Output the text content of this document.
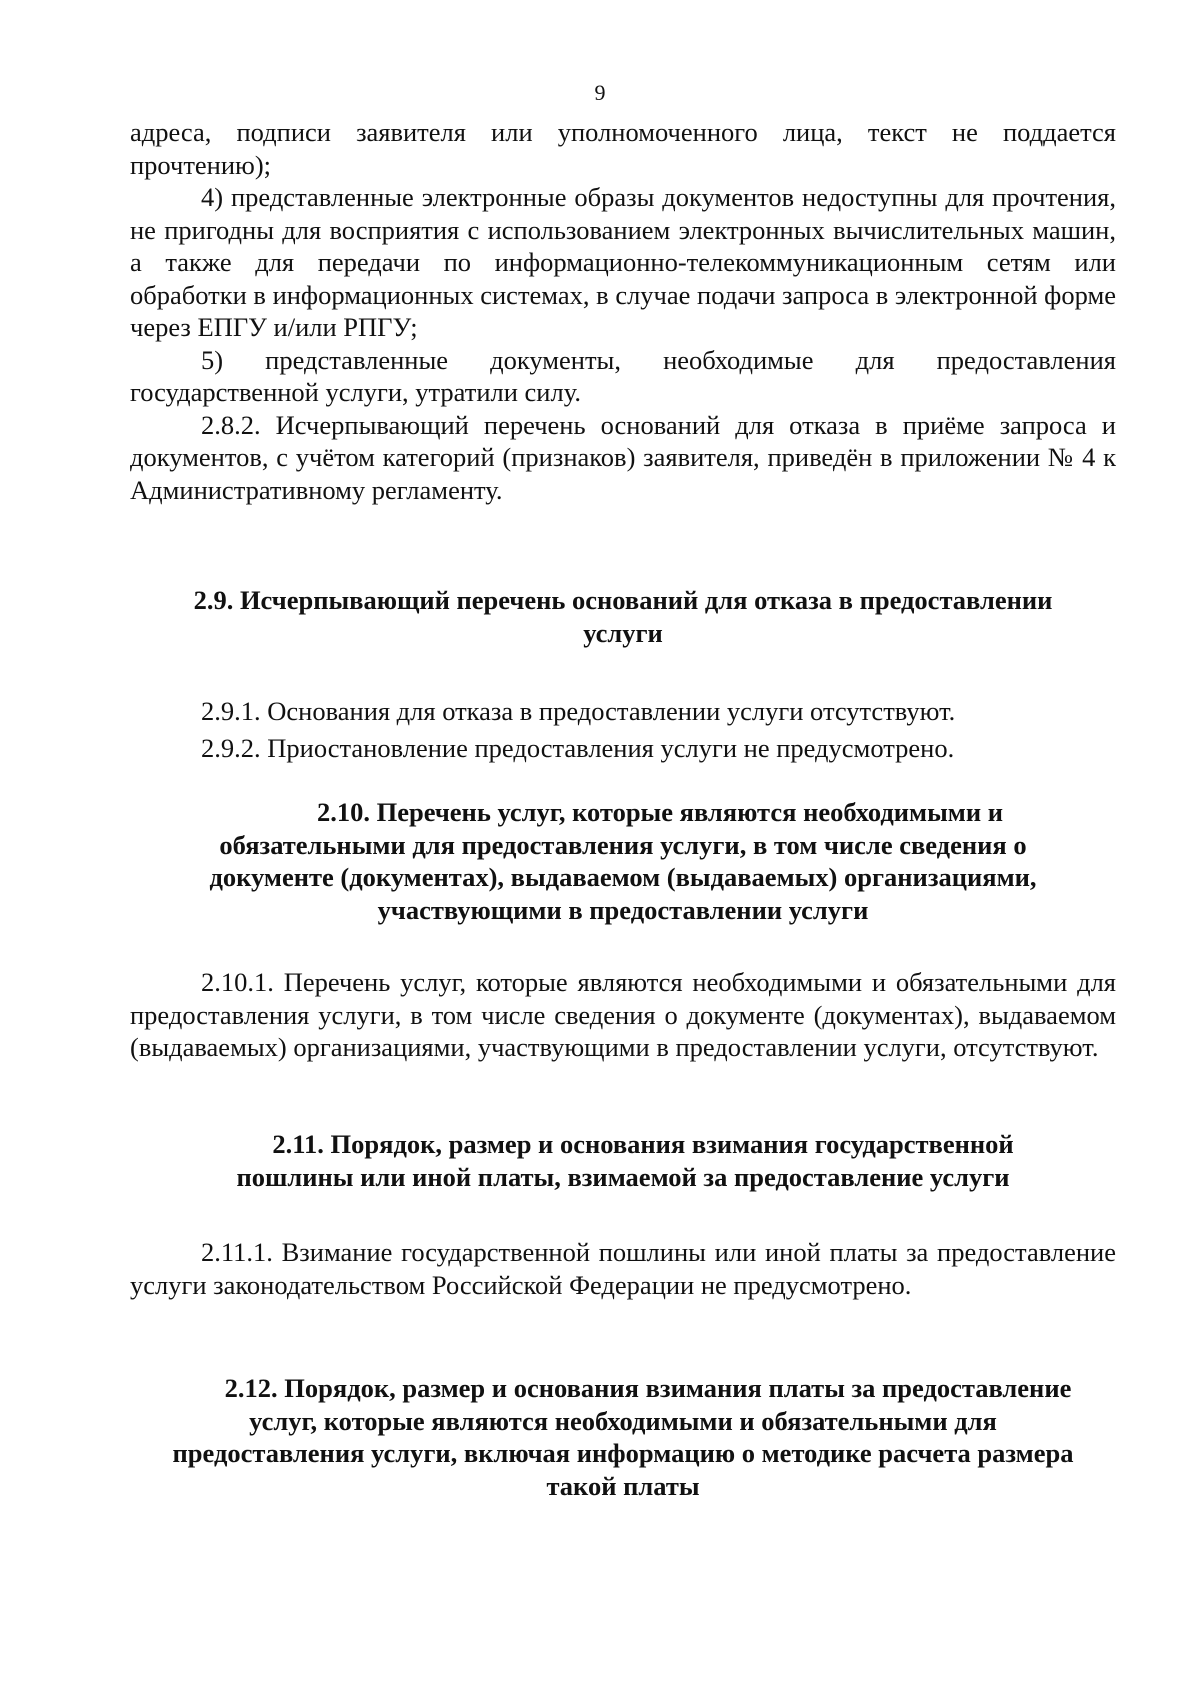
9

адреса, подписи заявителя или уполномоченного лица, текст не поддается

прочтению);

4) представленные электронные образы документов недоступны для прочтения, не пригодны для восприятия с использованием электронных вычислительных машин, а также для передачи по информационно-телекоммуникационным сетям или обработки в информационных системах, в случае подачи запроса в электронной форме через ЕПГУ и/или РПГУ;

5) представленные документы, необходимые для предоставления государственной услуги, утратили силу.

2.8.2. Исчерпывающий перечень оснований для отказа в приёме запроса и документов, с учётом категорий (признаков) заявителя, приведён в приложении № 4 к Административному регламенту.

2.9. Исчерпывающий перечень оснований для отказа в предоставлении
услуги

2.9.1. Основания для отказа в предоставлении услуги отсутствуют.

2.9.2. Приостановление предоставления услуги не предусмотрено.

2.10. Перечень услуг, которые являются необходимыми и
обязательными для предоставления услуги, в том числе сведения о
документе (документах), выдаваемом (выдаваемых) организациями,
участвующими в предоставлении услуги

2.10.1. Перечень услуг, которые являются необходимыми и обязательными для предоставления услуги, в том числе сведения о документе (документах), выдаваемом (выдаваемых) организациями, участвующими в предоставлении услуги, отсутствуют.

2.11. Порядок, размер и основания взимания государственной
пошлины или иной платы, взимаемой за предоставление услуги

2.11.1. Взимание государственной пошлины или иной платы за предоставление услуги законодательством Российской Федерации не предусмотрено.

2.12. Порядок, размер и основания взимания платы за предоставление
услуг, которые являются необходимыми и обязательными для
предоставления услуги, включая информацию о методике расчета размера
такой платы
